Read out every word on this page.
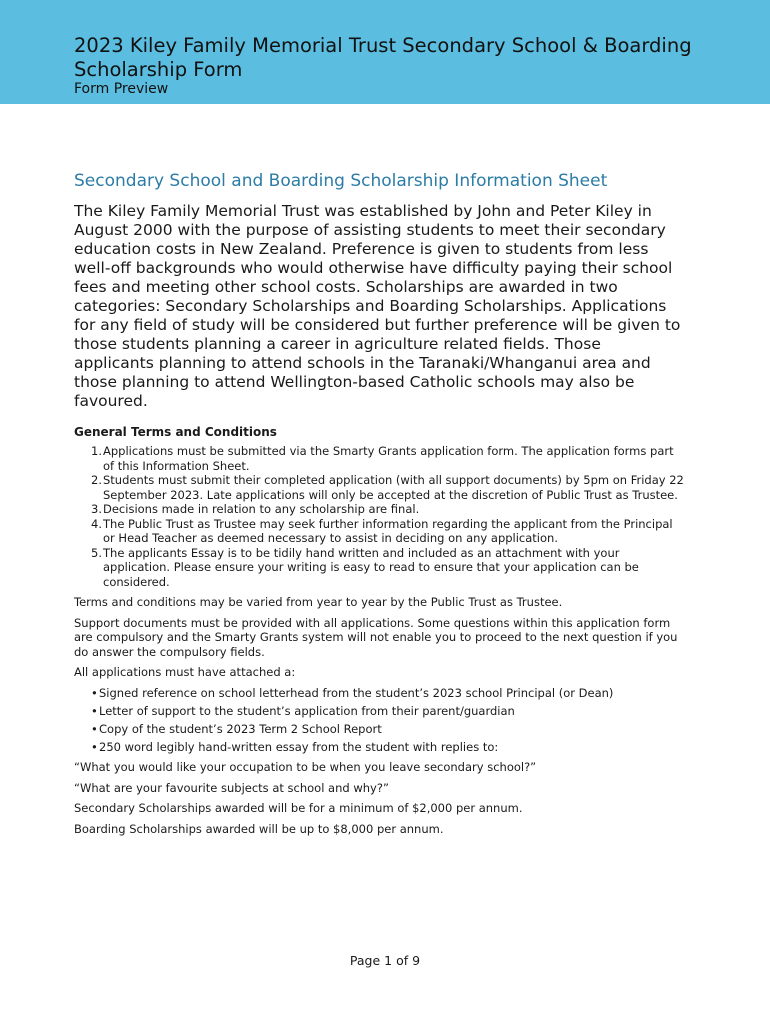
2023 Kiley Family Memorial Trust Secondary School & Boarding Scholarship Form
Form Preview
Secondary School and Boarding Scholarship Information Sheet
The Kiley Family Memorial Trust was established by John and Peter Kiley in August 2000 with the purpose of assisting students to meet their secondary education costs in New Zealand. Preference is given to students from less well-off backgrounds who would otherwise have difficulty paying their school fees and meeting other school costs. Scholarships are awarded in two categories: Secondary Scholarships and Boarding Scholarships. Applications for any field of study will be considered but further preference will be given to those students planning a career in agriculture related fields. Those applicants planning to attend schools in the Taranaki/Whanganui area and those planning to attend Wellington-based Catholic schools may also be favoured.
General Terms and Conditions
1. Applications must be submitted via the Smarty Grants application form. The application forms part of this Information Sheet.
2. Students must submit their completed application (with all support documents) by 5pm on Friday 22 September 2023. Late applications will only be accepted at the discretion of Public Trust as Trustee.
3. Decisions made in relation to any scholarship are final.
4. The Public Trust as Trustee may seek further information regarding the applicant from the Principal or Head Teacher as deemed necessary to assist in deciding on any application.
5. The applicants Essay is to be tidily hand written and included as an attachment with your application. Please ensure your writing is easy to read to ensure that your application can be considered.

Terms and conditions may be varied from year to year by the Public Trust as Trustee.

Support documents must be provided with all applications. Some questions within this application form are compulsory and the Smarty Grants system will not enable you to proceed to the next question if you do answer the compulsory fields.

All applications must have attached a:

• Signed reference on school letterhead from the student’s 2023 school Principal (or Dean)
• Letter of support to the student’s application from their parent/guardian
• Copy of the student’s 2023 Term 2 School Report
• 250 word legibly hand-written essay from the student with replies to:

“What you would like your occupation to be when you leave secondary school?”

“What are your favourite subjects at school and why?”

Secondary Scholarships awarded will be for a minimum of $2,000 per annum.

Boarding Scholarships awarded will be up to $8,000 per annum.

Page 1 of 9
